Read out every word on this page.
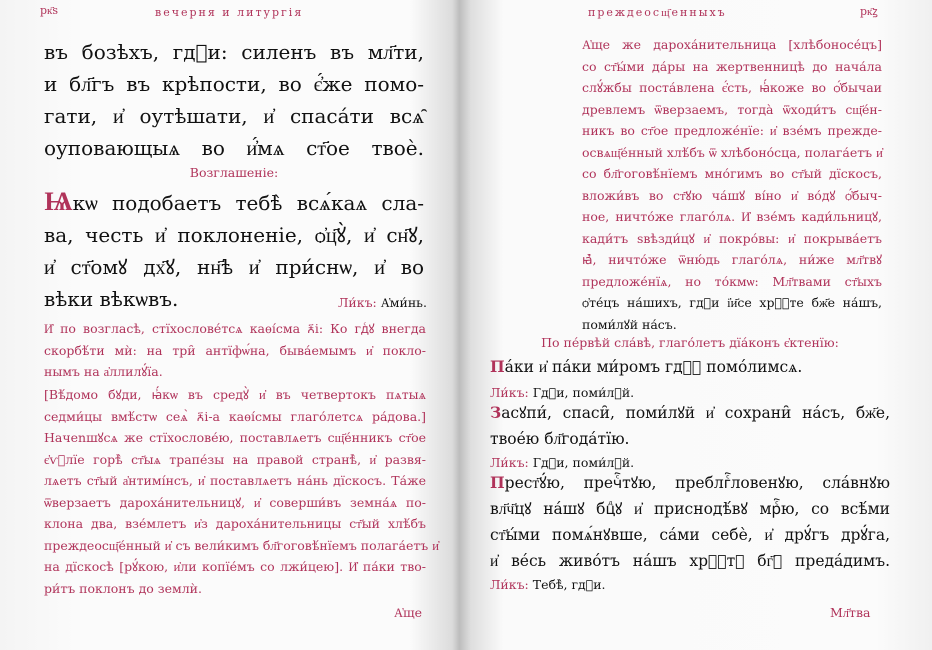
рк҃ѕ	вечерня и литургія
въ бозѣхъ, гдⷭи: силенъ въ мл҃ти,
и бл҃гъ въ крѣпости, во є҆́же помо-
гати, и҆ оутѣшати, и҆ спаса́ти всѧ̑
оуповающыѧ во и҆́мѧ ст҃ое твоѐ.
Возглашеніе:
Ѩкѡ подобаетъ тебѣ̀ всѧ́каѧ сла-
ва, честь и҆ поклоненіе, ѻ҆ц҃ꙋ̀, и҆ сн҃ꙋ,
и҆ ст҃омꙋ дх҃ꙋ, нн҃ѣ и҆ при́снѡ, и҆ во
вѣки вѣкѡвъ.	Ли́къ: А҆ми́нь.
И҆ по возгласѣ, стїхослове́тсѧ каѳі́сма ꙉ҃і: Ко гдⷭꙋ внегда
скорбѣ́ти мѝ: на три̑ антїфѡ́на, быва́емымъ и҆ покло-
нымъ на а҆ллилꙋ́їа.
[Вѣ́домо бꙋди, ꙗ҆́кѡ въ средꙋ̀ и҆ въ четвертокъ пѧтыѧ
седми́цы вмѣ́стѡ сеѧ̀ ꙉ҃і-а каѳі́смы глаго́летсѧ ра́дова.]
Начеnшꙋсѧ же стїхослове́ю, поставлѧетъ сщ҃е́нникъ ст҃ое
є҆ѵⷢлїе горѣ̀ ст҃ыѧ трапе́зы на правой странѣ̀, и҆ развя-
лѧетъ ст҃ый а҆нтимі́нсъ, и҆ поставлѧетъ на́нь дїскосъ. Та́же
ѿверзаетъ дароха́нительницꙋ, и҆ соверши́въ земна́ѧ по-
клона два, взе́млетъ и҆з дароха́нительницы ст҃ый хлѣ́бъ
преждеосщ҃е́нный и҆ съ вели́кимъ бл҃гоговѣ́нїемъ полага́етъ и҆
на дїскосѣ [рꙋ́кою, и҆ли копїе́мъ со лжи́цею]. И҆ па́ки тво-
ри́тъ поклонъ до землѝ.
А҆ще
преждеосщ҃енныхъ	рк҃ꙁ
А҆ще же дароха́нительница [хлѣбоносе́цъ]
со ст҃ы́ми да́ры на жертвенницѣ до нача́ла
слꙋ́жбы поста́влена є҆́сть, ꙗ҆́коже во ѻ҆́бычаи
древлемъ ѿверзаемъ, тогда̀ ѿходи́тъ сщ҃е́н-
никъ во ст҃ое предложе́нїе: и҆ взе́мъ прежде-
освѧщ҃е́нный хлѣ́бъ ѿ хлѣбоно́сца, полага́етъ и҆
со бл҃гоговѣ́нїемъ мно́гимъ во ст҃ый дїскосъ,
вложи́въ во ст҃ꙋю ча́шꙋ ві́но и҆ во́дꙋ ѻ҆́быч-
ное, ничто́же глаго́лѧ. И҆ взе́мъ кади́льницꙋ,
кади́тъ ѕвѣзди́цꙋ и҆ покро́вы: и҆ покрыва́етъ
ꙗ҆̀, ничто́же ѿню́дь глаго́лѧ, ни́же мл҃твꙋ
предложе́нїѧ, но то́кмѡ: Мл҃твами ст҃ыхъ
ѻ҆те́цъ на́шихъ, гдⷭи і҆и҃се хрⷭ҇те бж҃е на́шъ,
поми́лꙋй на́съ.
По пе́рвѣй сла́вѣ, глаго́летъ дїа́конъ є҆ктенїю:
Па́ки и҆ па́ки ми́ромъ гдⷭꙋ помо́лимсѧ.
Ли́къ: Гдⷭи, поми́лꙋй.
Засꙋпи́, спаси̑, поми́лꙋй и҆ сохрани̑ на́съ, бж҃е,
твое́ю бл҃года́тїю.
Ли́къ: Гдⷭи, поми́лꙋй.
Прест҃ꙋ́ю, пречⷭ҇тꙋю, преблгⷭ҇ловенꙋю, сла́внꙋю
вл҃ч҃цꙋ на́шꙋ бцⷣꙋ и҆ приснодѣ́вꙋ мрⷭ҇ю, со всѣ́ми
ст҃ы́ми помѧ́нꙋвше, са́ми себѐ, и҆ дрꙋ́гъ дрꙋ́га,
и҆ ве́сь живо́тъ на́шъ хрⷭ҇тꙋ бг҃ꙋ преда́димъ.
Ли́къ: Тебѣ̀, гдⷭи.
Мл҃тва
